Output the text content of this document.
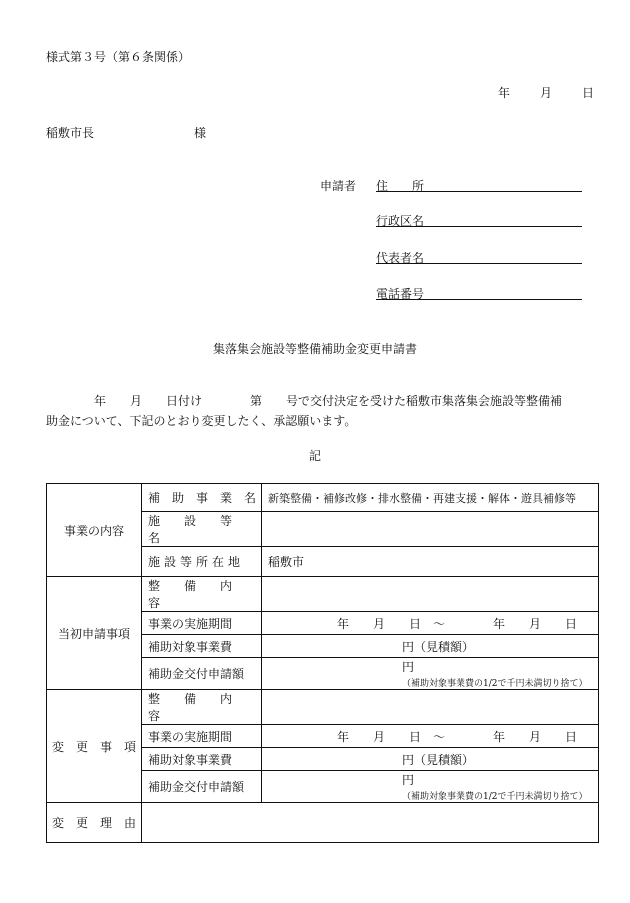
様式第３号（第６条関係）
年　　月　　日
稲敷市長	様
申請者 住　　所
行政区名
代表者名
電話番号
集落集会施設等整備補助金変更申請書
年　　月　　日付け　　　　第　　号で交付決定を受けた稲敷市集落集会施設等整備補
助金について、下記のとおり変更したく、承認願います。
記
事業の内容	補　助　事　業　名	新築整備・補修改修・排水整備・再建支援・解体・遊具補修等

	施　　設　　等　　名	

	施設等所在地	稲敷市

当初申請事項	整　　備　　内　　容	

	事業の実施期間	年　　月　　日　～　　　　年　　月　　日

	補助対象事業費	円（見積額）

	補助金交付申請額	円（補助対象事業費の1/2で千円未満切り捨て）
変　更　事　項	整　　備　　内　　容	

	事業の実施期間	年　　月　　日　～　　　　年　　月　　日

	補助対象事業費	円（見積額）

	補助金交付申請額	円（補助対象事業費の1/2で千円未満切り捨て）
変　更　理　由		
